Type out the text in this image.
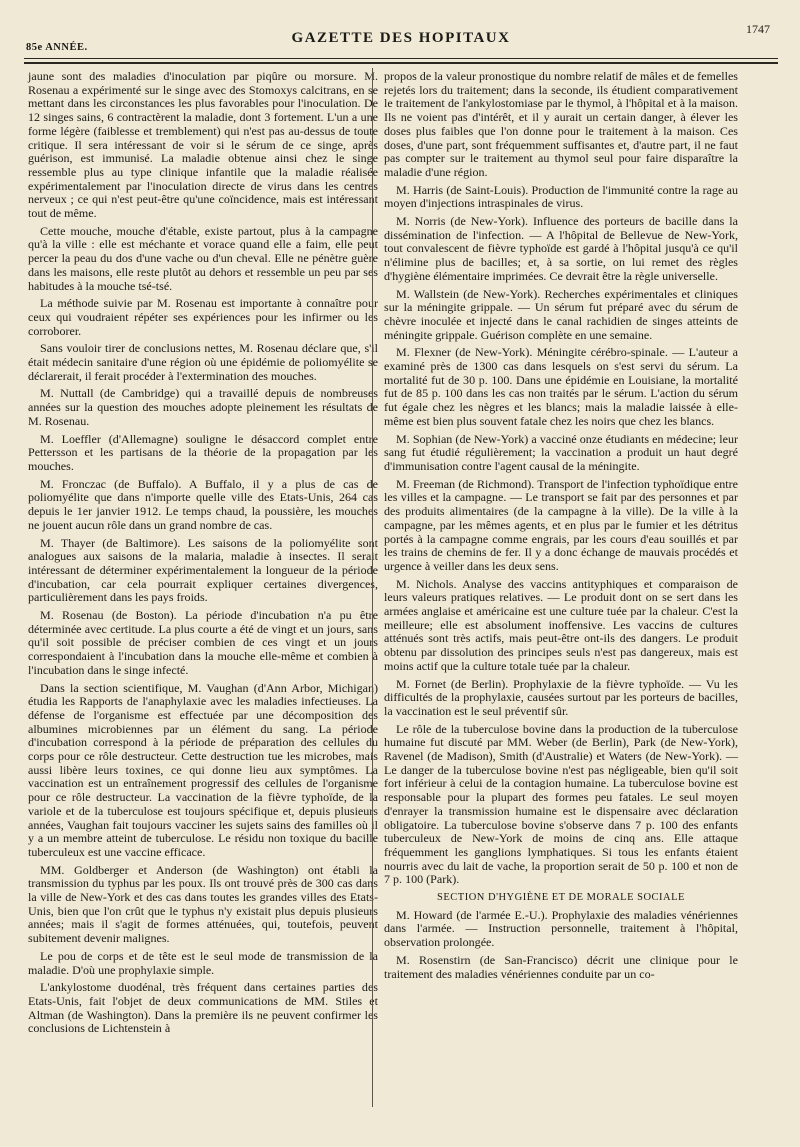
85e ANNÉE.
GAZETTE DES HOPITAUX
1747

jaune sont des maladies d'inoculation par piqûre ou morsure. M. Rosenau a expérimenté sur le singe avec des Stomoxys calcitrans, en se mettant dans les circonstances les plus favorables pour l'inoculation. De 12 singes sains, 6 contractèrent la maladie, dont 3 fortement. L'un a une forme légère (faiblesse et tremblement) qui n'est pas au-dessus de toute critique. Il sera intéressant de voir si le sérum de ce singe, après guérison, est immunisé. La maladie obtenue ainsi chez le singe ressemble plus au type clinique infantile que la maladie réalisée expérimentalement par l'inoculation directe de virus dans les centres nerveux ; ce qui n'est peut-être qu'une coïncidence, mais est intéressant tout de même.

Cette mouche, mouche d'étable, existe partout, plus à la campagne qu'à la ville : elle est méchante et vorace quand elle a faim, elle peut percer la peau du dos d'une vache ou d'un cheval. Elle ne pénètre guère dans les maisons, elle reste plutôt au dehors et ressemble un peu par ses habitudes à la mouche tsé-tsé.

La méthode suivie par M. Rosenau est importante à connaître pour ceux qui voudraient répéter ses expériences pour les infirmer ou les corroborer.

Sans vouloir tirer de conclusions nettes, M. Rosenau déclare que, s'il était médecin sanitaire d'une région où une épidémie de poliomyélite se déclarerait, il ferait procéder à l'extermination des mouches.

M. Nuttall (de Cambridge) qui a travaillé depuis de nombreuses années sur la question des mouches adopte pleinement les résultats de M. Rosenau.

M. Loeffler (d'Allemagne) souligne le désaccord complet entre Pettersson et les partisans de la théorie de la propagation par les mouches.

M. Fronczac (de Buffalo). A Buffalo, il y a plus de cas de poliomyélite que dans n'importe quelle ville des Etats-Unis, 264 cas depuis le 1er janvier 1912. Le temps chaud, la poussière, les mouches ne jouent aucun rôle dans un grand nombre de cas.

M. Thayer (de Baltimore). Les saisons de la poliomyélite sont analogues aux saisons de la malaria, maladie à insectes. Il serait intéressant de déterminer expérimentalement la longueur de la période d'incubation, car cela pourrait expliquer certaines divergences, particulièrement dans les pays froids.

M. Rosenau (de Boston). La période d'incubation n'a pu être déterminée avec certitude. La plus courte a été de vingt et un jours, sans qu'il soit possible de préciser combien de ces vingt et un jours correspondaient à l'incubation dans la mouche elle-même et combien à l'incubation dans le singe infecté.

Dans la section scientifique, M. Vaughan (d'Ann Arbor, Michigan) étudia les Rapports de l'anaphylaxie avec les maladies infectieuses. La défense de l'organisme est effectuée par une décomposition des albumines microbiennes par un élément du sang. La période d'incubation correspond à la période de préparation des cellules du corps pour ce rôle destructeur. Cette destruction tue les microbes, mais aussi libère leurs toxines, ce qui donne lieu aux symptômes. La vaccination est un entraînement progressif des cellules de l'organisme pour ce rôle destructeur. La vaccination de la fièvre typhoïde, de la variole et de la tuberculose est toujours spécifique et, depuis plusieurs années, Vaughan fait toujours vacciner les sujets sains des familles où il y a un membre atteint de tuberculose. Le résidu non toxique du bacille tuberculeux est une vaccine efficace.

MM. Goldberger et Anderson (de Washington) ont établi la transmission du typhus par les poux. Ils ont trouvé près de 300 cas dans la ville de New-York et des cas dans toutes les grandes villes des Etats-Unis, bien que l'on crût que le typhus n'y existait plus depuis plusieurs années; mais il s'agit de formes atténuées, qui, toutefois, peuvent subitement devenir malignes.

Le pou de corps et de tête est le seul mode de transmission de la maladie. D'où une prophylaxie simple.

L'ankylostome duodénal, très fréquent dans certaines parties des Etats-Unis, fait l'objet de deux communications de MM. Stiles et Altman (de Washington). Dans la première ils ne peuvent confirmer les conclusions de Lichtenstein à

propos de la valeur pronostique du nombre relatif de mâles et de femelles rejetés lors du traitement; dans la seconde, ils étudient comparativement le traitement de l'ankylostomiase par le thymol, à l'hôpital et à la maison. Ils ne voient pas d'intérêt, et il y aurait un certain danger, à élever les doses plus faibles que l'on donne pour le traitement à la maison. Ces doses, d'une part, sont fréquemment suffisantes et, d'autre part, il ne faut pas compter sur le traitement au thymol seul pour faire disparaître la maladie d'une région.

M. Harris (de Saint-Louis). Production de l'immunité contre la rage au moyen d'injections intraspinales de virus.

M. Norris (de New-York). Influence des porteurs de bacille dans la dissémination de l'infection. — A l'hôpital de Bellevue de New-York, tout convalescent de fièvre typhoïde est gardé à l'hôpital jusqu'à ce qu'il n'élimine plus de bacilles; et, à sa sortie, on lui remet des règles d'hygiène élémentaire imprimées. Ce devrait être la règle universelle.

M. Wallstein (de New-York). Recherches expérimentales et cliniques sur la méningite grippale. — Un sérum fut préparé avec du sérum de chèvre inoculée et injecté dans le canal rachidien de singes atteints de méningite grippale. Guérison complète en une semaine.

M. Flexner (de New-York). Méningite cérébro-spinale. — L'auteur a examiné près de 1300 cas dans lesquels on s'est servi du sérum. La mortalité fut de 30 p. 100. Dans une épidémie en Louisiane, la mortalité fut de 85 p. 100 dans les cas non traités par le sérum. L'action du sérum fut égale chez les nègres et les blancs; mais la maladie laissée à elle-même est bien plus souvent fatale chez les noirs que chez les blancs.

M. Sophian (de New-York) a vacciné onze étudiants en médecine; leur sang fut étudié régulièrement; la vaccination a produit un haut degré d'immunisation contre l'agent causal de la méningite.

M. Freeman (de Richmond). Transport de l'infection typhoïdique entre les villes et la campagne. — Le transport se fait par des personnes et par des produits alimentaires (de la campagne à la ville). De la ville à la campagne, par les mêmes agents, et en plus par le fumier et les détritus portés à la campagne comme engrais, par les cours d'eau souillés et par les trains de chemins de fer. Il y a donc échange de mauvais procédés et urgence à veiller dans les deux sens.

M. Nichols. Analyse des vaccins antityphiques et comparaison de leurs valeurs pratiques relatives. — Le produit dont on se sert dans les armées anglaise et américaine est une culture tuée par la chaleur. C'est la meilleure; elle est absolument inoffensive. Les vaccins de cultures atténués sont très actifs, mais peut-être ont-ils des dangers. Le produit obtenu par dissolution des principes seuls n'est pas dangereux, mais est moins actif que la culture totale tuée par la chaleur.

M. Fornet (de Berlin). Prophylaxie de la fièvre typhoïde. — Vu les difficultés de la prophylaxie, causées surtout par les porteurs de bacilles, la vaccination est le seul préventif sûr.

Le rôle de la tuberculose bovine dans la production de la tuberculose humaine fut discuté par MM. Weber (de Berlin), Park (de New-York), Ravenel (de Madison), Smith (d'Australie) et Waters (de New-York). — Le danger de la tuberculose bovine n'est pas négligeable, bien qu'il soit fort inférieur à celui de la contagion humaine. La tuberculose bovine est responsable pour la plupart des formes peu fatales. Le seul moyen d'enrayer la transmission humaine est le dispensaire avec déclaration obligatoire. La tuberculose bovine s'observe dans 7 p. 100 des enfants tuberculeux de New-York de moins de cinq ans. Elle attaque fréquemment les ganglions lymphatiques. Si tous les enfants étaient nourris avec du lait de vache, la proportion serait de 50 p. 100 et non de 7 p. 100 (Park).

SECTION D'HYGIÈNE ET DE MORALE SOCIALE

M. Howard (de l'armée E.-U.). Prophylaxie des maladies vénériennes dans l'armée. — Instruction personnelle, traitement à l'hôpital, observation prolongée.

M. Rosenstirn (de San-Francisco) décrit une clinique pour le traitement des maladies vénériennes conduite par un co-
